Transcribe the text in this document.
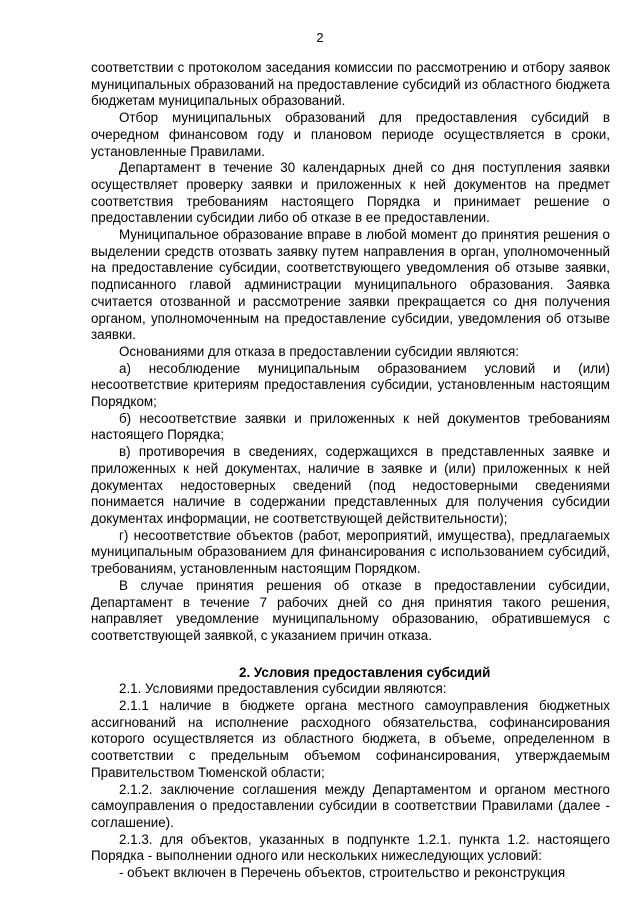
2

соответствии с протоколом заседания комиссии по рассмотрению и отбору заявок муниципальных образований на предоставление субсидий из областного бюджета бюджетам муниципальных образований.

Отбор муниципальных образований для предоставления субсидий в очередном финансовом году и плановом периоде осуществляется в сроки, установленные Правилами.

Департамент в течение 30 календарных дней со дня поступления заявки осуществляет проверку заявки и приложенных к ней документов на предмет соответствия требованиям настоящего Порядка и принимает решение о предоставлении субсидии либо об отказе в ее предоставлении.

Муниципальное образование вправе в любой момент до принятия решения о выделении средств отозвать заявку путем направления в орган, уполномоченный на предоставление субсидии, соответствующего уведомления об отзыве заявки, подписанного главой администрации муниципального образования. Заявка считается отозванной и рассмотрение заявки прекращается со дня получения органом, уполномоченным на предоставление субсидии, уведомления об отзыве заявки.

Основаниями для отказа в предоставлении субсидии являются:

а) несоблюдение муниципальным образованием условий и (или) несоответствие критериям предоставления субсидии, установленным настоящим Порядком;

б) несоответствие заявки и приложенных к ней документов требованиям настоящего Порядка;

в) противоречия в сведениях, содержащихся в представленных заявке и приложенных к ней документах, наличие в заявке и (или) приложенных к ней документах недостоверных сведений (под недостоверными сведениями понимается наличие в содержании представленных для получения субсидии документах информации, не соответствующей действительности);

г) несоответствие объектов (работ, мероприятий, имущества), предлагаемых муниципальным образованием для финансирования с использованием субсидий, требованиям, установленным настоящим Порядком.

В случае принятия решения об отказе в предоставлении субсидии, Департамент в течение 7 рабочих дней со дня принятия такого решения, направляет уведомление муниципальному образованию, обратившемуся с соответствующей заявкой, с указанием причин отказа.

2. Условия предоставления субсидий

2.1. Условиями предоставления субсидии являются:

2.1.1 наличие в бюджете органа местного самоуправления бюджетных ассигнований на исполнение расходного обязательства, софинансирования которого осуществляется из областного бюджета, в объеме, определенном в соответствии с предельным объемом софинансирования, утверждаемым Правительством Тюменской области;

2.1.2. заключение соглашения между Департаментом и органом местного самоуправления о предоставлении субсидии в соответствии Правилами (далее - соглашение).

2.1.3. для объектов, указанных в подпункте 1.2.1. пункта 1.2. настоящего Порядка - выполнении одного или нескольких нижеследующих условий:

- объект включен в Перечень объектов, строительство и реконструкция
